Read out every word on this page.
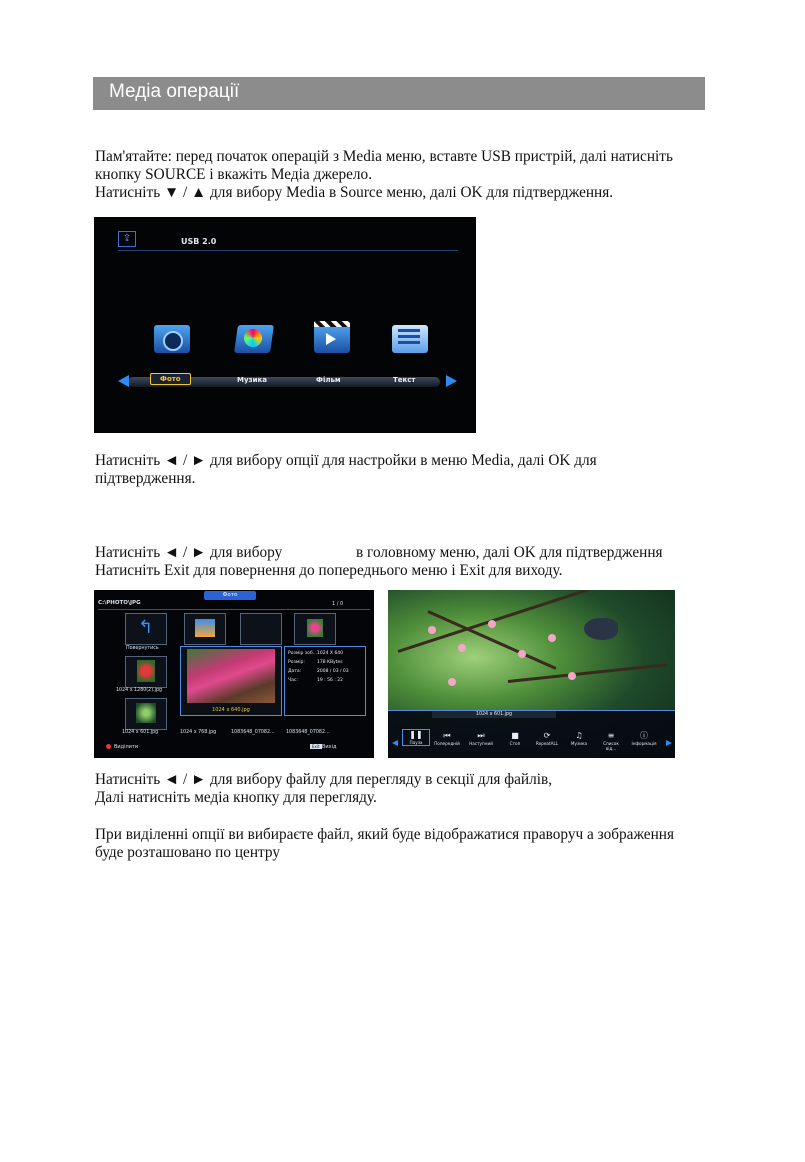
Медіа операції
Пам'ятайте: перед початок операцій з Media меню, вставте USB пристрій, далі натисніть
кнопку SOURCE і вкажіть Медіа джерело.
Натисніть ▼ / ▲ для вибору Media в Source меню, далі OK для підтвердження.
⇪	USB 2.0
Фото	Музика	Фільм	Текст
Натисніть ◄ / ► для вибору опції для настройки в меню Media, далі OK для
підтвердження.
Натисніть ◄ / ► для вибору	в головному меню, далі OK для підтвердження
Натисніть Exit для повернення до попереднього меню і Exit для виходу.
Фото
C:\PHOTO\JPG	1 / 0
↰
Повернутись
1024 x 1280(2).jpg
1024 x 640.jpg
Розмір зоб... 1024 X 640
Розмір:	178 KBytes
Дата:	2008 / 03 / 03
Час:	19 : 56 : 22
1024 x 601.jpg	1024 x 768.jpg	1083648_07082... 1083648_07082...
Виділити	Exit Вихід
1024 x 601.jpg
❚❚
Пауза
⏮
Попередній
⏭
Наступний
■
Стоп
⟳
RepeatALL
♫
Музика
≡
Список від...
ⓘ
Інформація
Натисніть ◄ / ► для вибору файлу для перегляду в секції для файлів,
Далі натисніть медіа кнопку для перегляду.
При виділенні опції ви вибираєте файл, який буде відображатися праворуч а зображення
буде розташовано по центру
